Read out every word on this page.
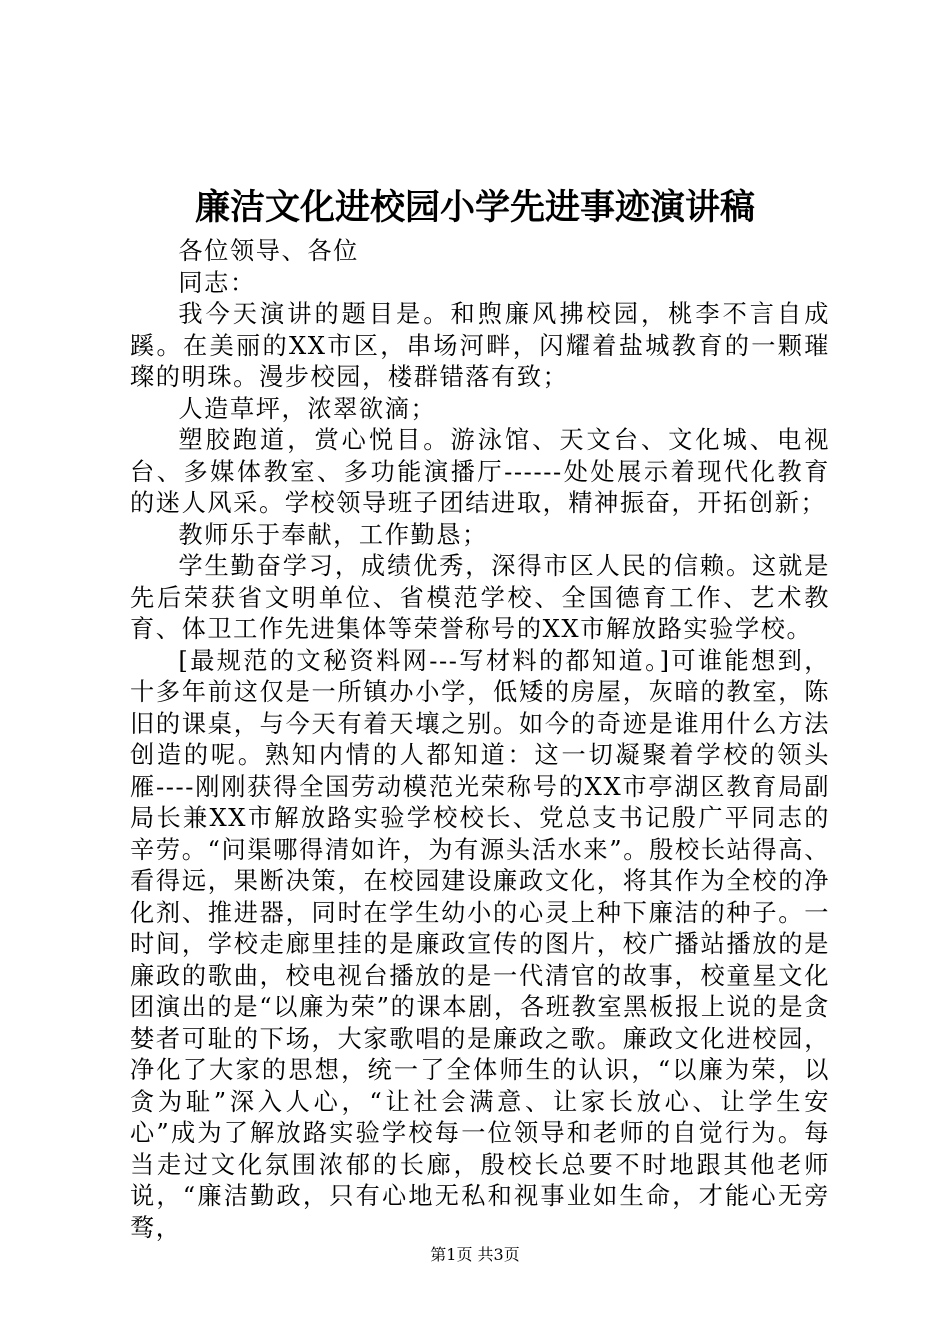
廉洁文化进校园小学先进事迹演讲稿

各位领导、各位

同志：

我今天演讲的题目是。和煦廉风拂校园，桃李不言自成蹊。在美丽的XX市区，串场河畔，闪耀着盐城教育的一颗璀璨的明珠。漫步校园，楼群错落有致；

人造草坪，浓翠欲滴；

塑胶跑道，赏心悦目。游泳馆、天文台、文化城、电视台、多媒体教室、多功能演播厅------处处展示着现代化教育的迷人风采。学校领导班子团结进取，精神振奋，开拓创新；

教师乐于奉献，工作勤恳；

学生勤奋学习，成绩优秀，深得市区人民的信赖。这就是先后荣获省文明单位、省模范学校、全国德育工作、艺术教育、体卫工作先进集体等荣誉称号的XX市解放路实验学校。

[最规范的文秘资料网---写材料的都知道。]可谁能想到，十多年前这仅是一所镇办小学，低矮的房屋，灰暗的教室，陈旧的课桌，与今天有着天壤之别。如今的奇迹是谁用什么方法创造的呢。熟知内情的人都知道：这一切凝聚着学校的领头雁----刚刚获得全国劳动模范光荣称号的XX市亭湖区教育局副局长兼XX市解放路实验学校校长、党总支书记殷广平同志的辛劳。“问渠哪得清如许，为有源头活水来”。殷校长站得高、看得远，果断决策，在校园建设廉政文化，将其作为全校的净化剂、推进器，同时在学生幼小的心灵上种下廉洁的种子。一时间，学校走廊里挂的是廉政宣传的图片，校广播站播放的是廉政的歌曲，校电视台播放的是一代清官的故事，校童星文化团演出的是“以廉为荣”的课本剧，各班教室黑板报上说的是贪婪者可耻的下场，大家歌唱的是廉政之歌。廉政文化进校园，净化了大家的思想，统一了全体师生的认识，“以廉为荣，以贪为耻”深入人心，“让社会满意、让家长放心、让学生安心”成为了解放路实验学校每一位领导和老师的自觉行为。每当走过文化氛围浓郁的长廊，殷校长总要不时地跟其他老师说，“廉洁勤政，只有心地无私和视事业如生命，才能心无旁骛，

第1页 共3页
